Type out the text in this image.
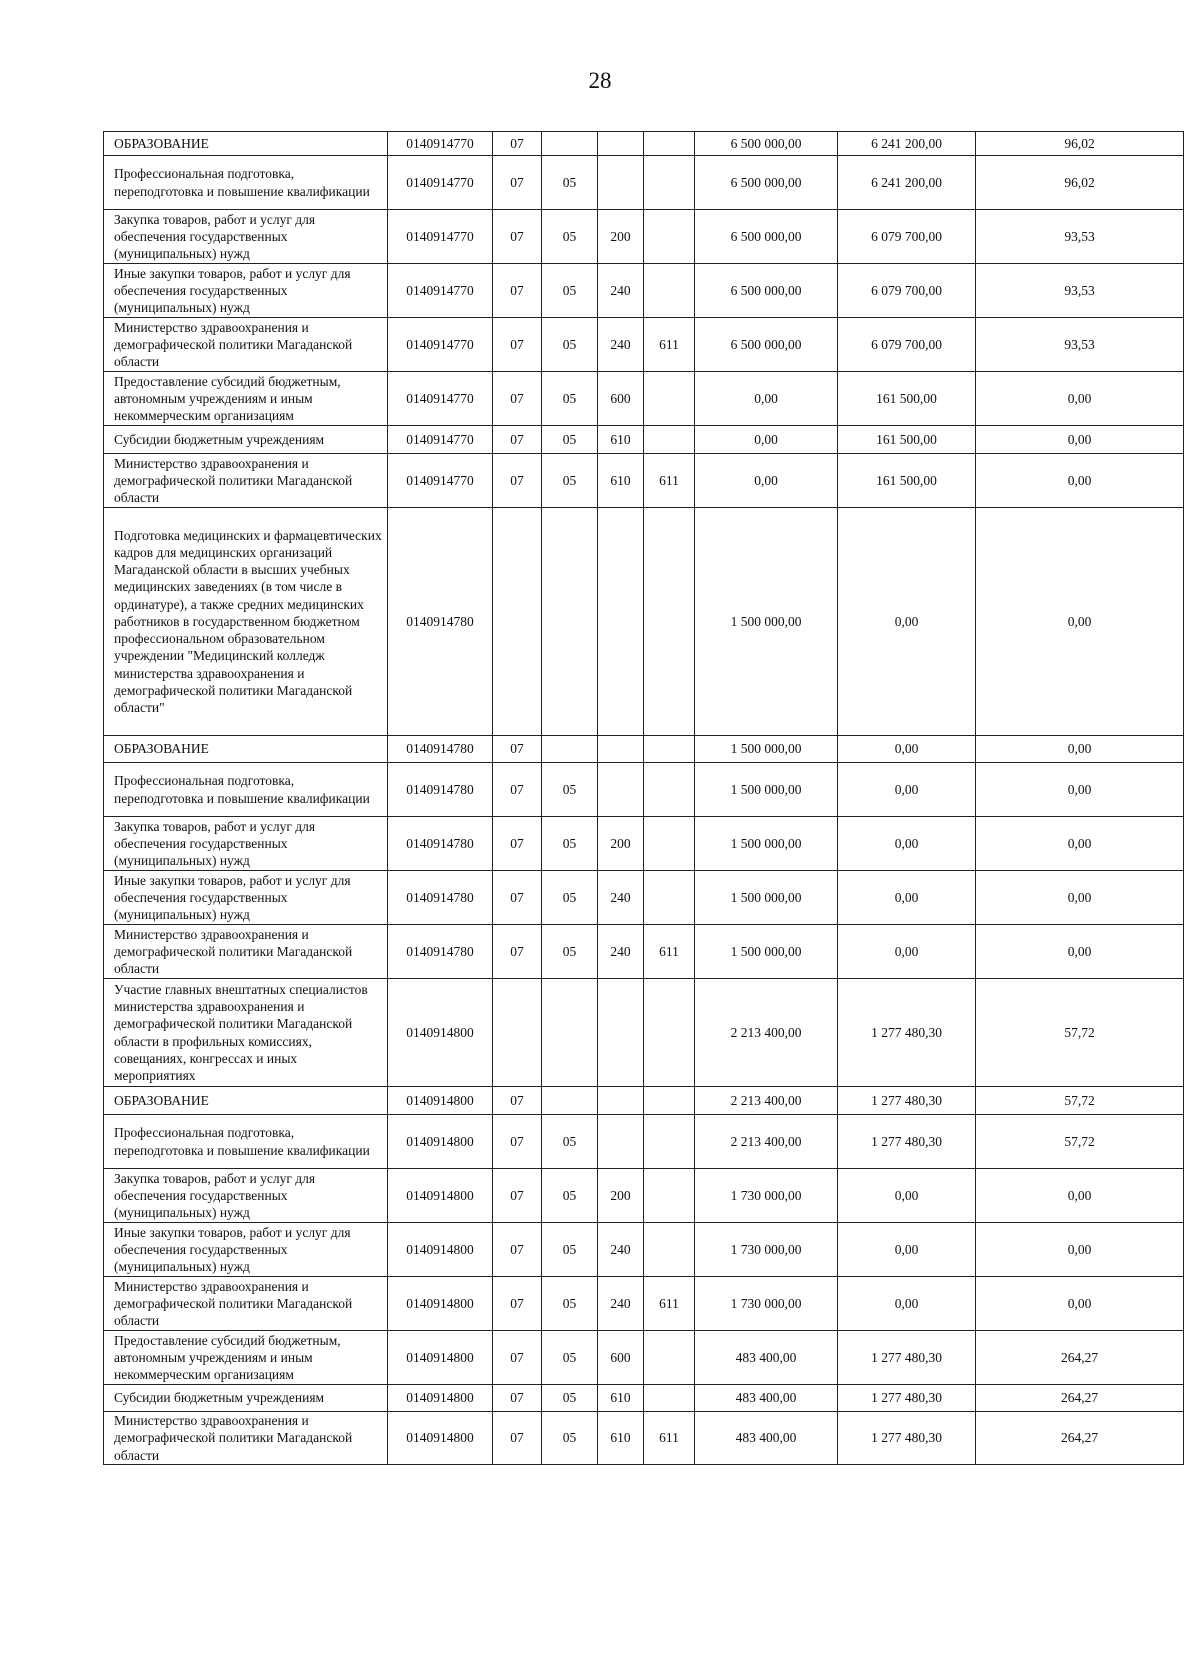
28
ОБРАЗОВАНИЕ	0140914770	07				6 500 000,00	6 241 200,00	96,02
Профессиональная подготовка, переподготовка и повышение квалификации	0140914770	07	05			6 500 000,00	6 241 200,00	96,02
Закупка товаров, работ и услуг для обеспечения государственных (муниципальных) нужд	0140914770	07	05	200		6 500 000,00	6 079 700,00	93,53
Иные закупки товаров, работ и услуг для обеспечения государственных (муниципальных) нужд	0140914770	07	05	240		6 500 000,00	6 079 700,00	93,53
Министерство здравоохранения и демографической политики Магаданской области	0140914770	07	05	240	611	6 500 000,00	6 079 700,00	93,53
Предоставление субсидий бюджетным, автономным учреждениям и иным некоммерческим организациям	0140914770	07	05	600		0,00	161 500,00	0,00
Субсидии бюджетным учреждениям	0140914770	07	05	610		0,00	161 500,00	0,00
Министерство здравоохранения и демографической политики Магаданской области	0140914770	07	05	610	611	0,00	161 500,00	0,00
Подготовка медицинских и фармацевтических кадров для медицинских организаций Магаданской области в высших учебных медицинских заведениях (в том числе в ординатуре), а также средних медицинских работников в государственном бюджетном профессиональном образовательном учреждении "Медицинский колледж министерства здравоохранения и демографической политики Магаданской области"	0140914780					1 500 000,00	0,00	0,00
ОБРАЗОВАНИЕ	0140914780	07				1 500 000,00	0,00	0,00
Профессиональная подготовка, переподготовка и повышение квалификации	0140914780	07	05			1 500 000,00	0,00	0,00
Закупка товаров, работ и услуг для обеспечения государственных (муниципальных) нужд	0140914780	07	05	200		1 500 000,00	0,00	0,00
Иные закупки товаров, работ и услуг для обеспечения государственных (муниципальных) нужд	0140914780	07	05	240		1 500 000,00	0,00	0,00
Министерство здравоохранения и демографической политики Магаданской области	0140914780	07	05	240	611	1 500 000,00	0,00	0,00
Участие главных внештатных специалистов министерства здравоохранения и демографической политики Магаданской области в профильных комиссиях, совещаниях, конгрессах и иных мероприятиях	0140914800					2 213 400,00	1 277 480,30	57,72
ОБРАЗОВАНИЕ	0140914800	07				2 213 400,00	1 277 480,30	57,72
Профессиональная подготовка, переподготовка и повышение квалификации	0140914800	07	05			2 213 400,00	1 277 480,30	57,72
Закупка товаров, работ и услуг для обеспечения государственных (муниципальных) нужд	0140914800	07	05	200		1 730 000,00	0,00	0,00
Иные закупки товаров, работ и услуг для обеспечения государственных (муниципальных) нужд	0140914800	07	05	240		1 730 000,00	0,00	0,00
Министерство здравоохранения и демографической политики Магаданской области	0140914800	07	05	240	611	1 730 000,00	0,00	0,00
Предоставление субсидий бюджетным, автономным учреждениям и иным некоммерческим организациям	0140914800	07	05	600		483 400,00	1 277 480,30	264,27
Субсидии бюджетным учреждениям	0140914800	07	05	610		483 400,00	1 277 480,30	264,27
Министерство здравоохранения и демографической политики Магаданской области	0140914800	07	05	610	611	483 400,00	1 277 480,30	264,27
